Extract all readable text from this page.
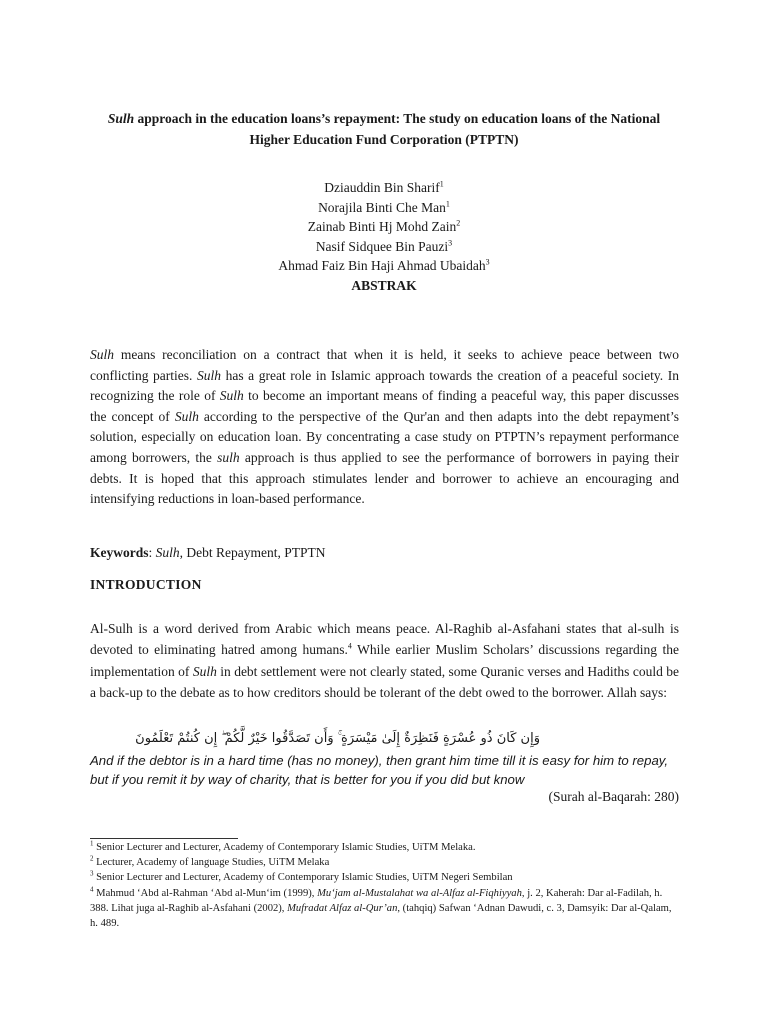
Sulh approach in the education loans’s repayment: The study on education loans of the National Higher Education Fund Corporation (PTPTN)
Dziauddin Bin Sharif$^1$
Norajila Binti Che Man$^1$
Zainab Binti Hj Mohd Zain$^2$
Nasif Sidquee Bin Pauzi$^3$
Ahmad Faiz Bin Haji Ahmad Ubaidah$^3$
ABSTRAK
Sulh means reconciliation on a contract that when it is held, it seeks to achieve peace between two conflicting parties. Sulh has a great role in Islamic approach towards the creation of a peaceful society. In recognizing the role of Sulh to become an important means of finding a peaceful way, this paper discusses the concept of Sulh according to the perspective of the Qur'an and then adapts into the debt repayment’s solution, especially on education loan. By concentrating a case study on PTPTN’s repayment performance among borrowers, the sulh approach is thus applied to see the performance of borrowers in paying their debts. It is hoped that this approach stimulates lender and borrower to achieve an encouraging and intensifying reductions in loan-based performance.
Keywords: Sulh, Debt Repayment, PTPTN
INTRODUCTION
Al-Sulh is a word derived from Arabic which means peace. Al-Raghib al-Asfahani states that al-sulh is devoted to eliminating hatred among humans.$^4$ While earlier Muslim Scholars’ discussions regarding the implementation of Sulh in debt settlement were not clearly stated, some Quranic verses and Hadiths could be a back-up to the debate as to how creditors should be tolerant of the debt owed to the borrower. Allah says:
وَإِن كَانَ ذُو عُسْرَةٍ فَنَظِرَةٌ إِلَىٰ مَيْسَرَةٍ ۚ وَأَن تَصَدَّقُوا خَيْرٌ لَّكُمْ ۖ إِن كُنتُمْ تَعْلَمُونَ
And if the debtor is in a hard time (has no money), then grant him time till it is easy for him to repay, but if you remit it by way of charity, that is better for you if you did but know
(Surah al-Baqarah: 280)

$^1$ Senior Lecturer and Lecturer, Academy of Contemporary Islamic Studies, UiTM Melaka.

$^2$ Lecturer, Academy of language Studies, UiTM Melaka

$^3$ Senior Lecturer and Lecturer, Academy of Contemporary Islamic Studies, UiTM Negeri Sembilan

$^4$ Mahmud ‘Abd al-Rahman ‘Abd al-Mun‘im (1999), Mu‘jam al-Mustalahat wa al-Alfaz al-Fiqhiyyah, j. 2, Kaherah: Dar al-Fadilah, h. 388. Lihat juga al-Raghib al-Asfahani (2002), Mufradat Alfaz al-Qur’an, (tahqiq) Safwan ‘Adnan Dawudi, c. 3, Damsyik: Dar al-Qalam, h. 489.
